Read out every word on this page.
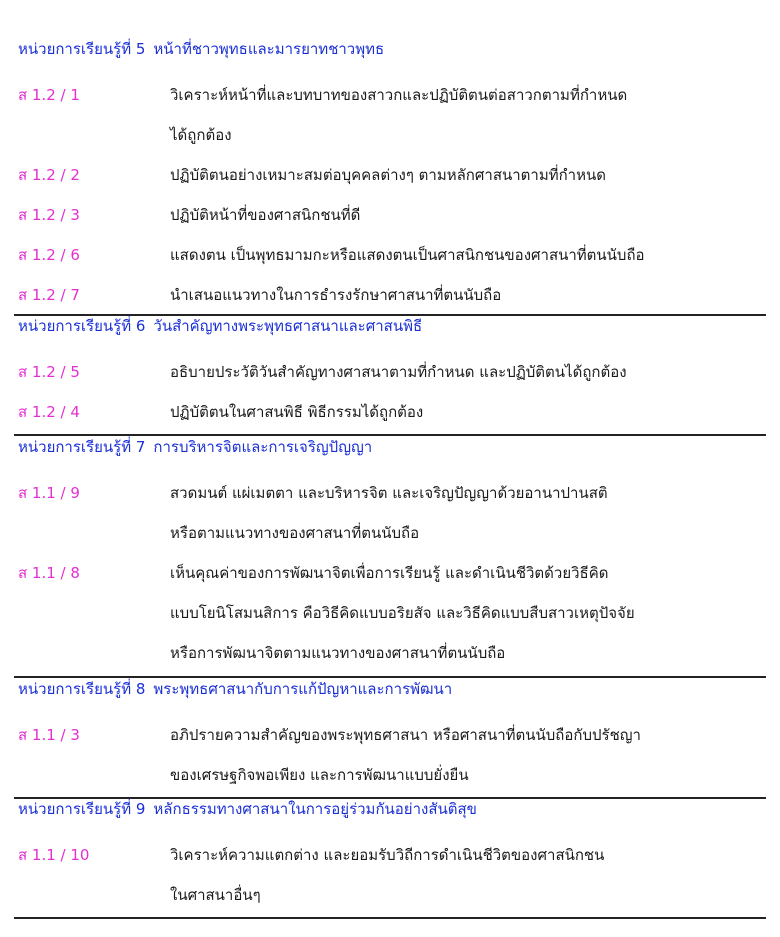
หน่วยการเรียนรู้ที่ 5 หน้าที่ชาวพุทธและมารยาทชาวพุทธ
ส 1.2 / 1	วิเคราะห์หน้าที่และบทบาทของสาวกและปฏิบัติตนต่อสาวกตามที่กำหนด
ได้ถูกต้อง
ส 1.2 / 2	ปฏิบัติตนอย่างเหมาะสมต่อบุคคลต่างๆ ตามหลักศาสนาตามที่กำหนด
ส 1.2 / 3	ปฏิบัติหน้าที่ของศาสนิกชนที่ดี
ส 1.2 / 6	แสดงตน เป็นพุทธมามกะหรือแสดงตนเป็นศาสนิกชนของศาสนาที่ตนนับถือ
ส 1.2 / 7	นำเสนอแนวทางในการธำรงรักษาศาสนาที่ตนนับถือ
หน่วยการเรียนรู้ที่ 6 วันสำคัญทางพระพุทธศาสนาและศาสนพิธี
ส 1.2 / 5	อธิบายประวัติวันสำคัญทางศาสนาตามที่กำหนด และปฏิบัติตนได้ถูกต้อง
ส 1.2 / 4	ปฏิบัติตนในศาสนพิธี พิธีกรรมได้ถูกต้อง
หน่วยการเรียนรู้ที่ 7 การบริหารจิตและการเจริญปัญญา
ส 1.1 / 9	สวดมนต์ แผ่เมตตา และบริหารจิต และเจริญปัญญาด้วยอานาปานสติ
หรือตามแนวทางของศาสนาที่ตนนับถือ
ส 1.1 / 8	เห็นคุณค่าของการพัฒนาจิตเพื่อการเรียนรู้ และดำเนินชีวิตด้วยวิธีคิด
แบบโยนิโสมนสิการ คือวิธีคิดแบบอริยสัจ และวิธีคิดแบบสืบสาวเหตุปัจจัย
หรือการพัฒนาจิตตามแนวทางของศาสนาที่ตนนับถือ
หน่วยการเรียนรู้ที่ 8 พระพุทธศาสนากับการแก้ปัญหาและการพัฒนา
ส 1.1 / 3	อภิปรายความสำคัญของพระพุทธศาสนา หรือศาสนาที่ตนนับถือกับปรัชญา
ของเศรษฐกิจพอเพียง และการพัฒนาแบบยั่งยืน
หน่วยการเรียนรู้ที่ 9 หลักธรรมทางศาสนาในการอยู่ร่วมกันอย่างสันติสุข
ส 1.1 / 10	วิเคราะห์ความแตกต่าง และยอมรับวิถีการดำเนินชีวิตของศาสนิกชน
ในศาสนาอื่นๆ
